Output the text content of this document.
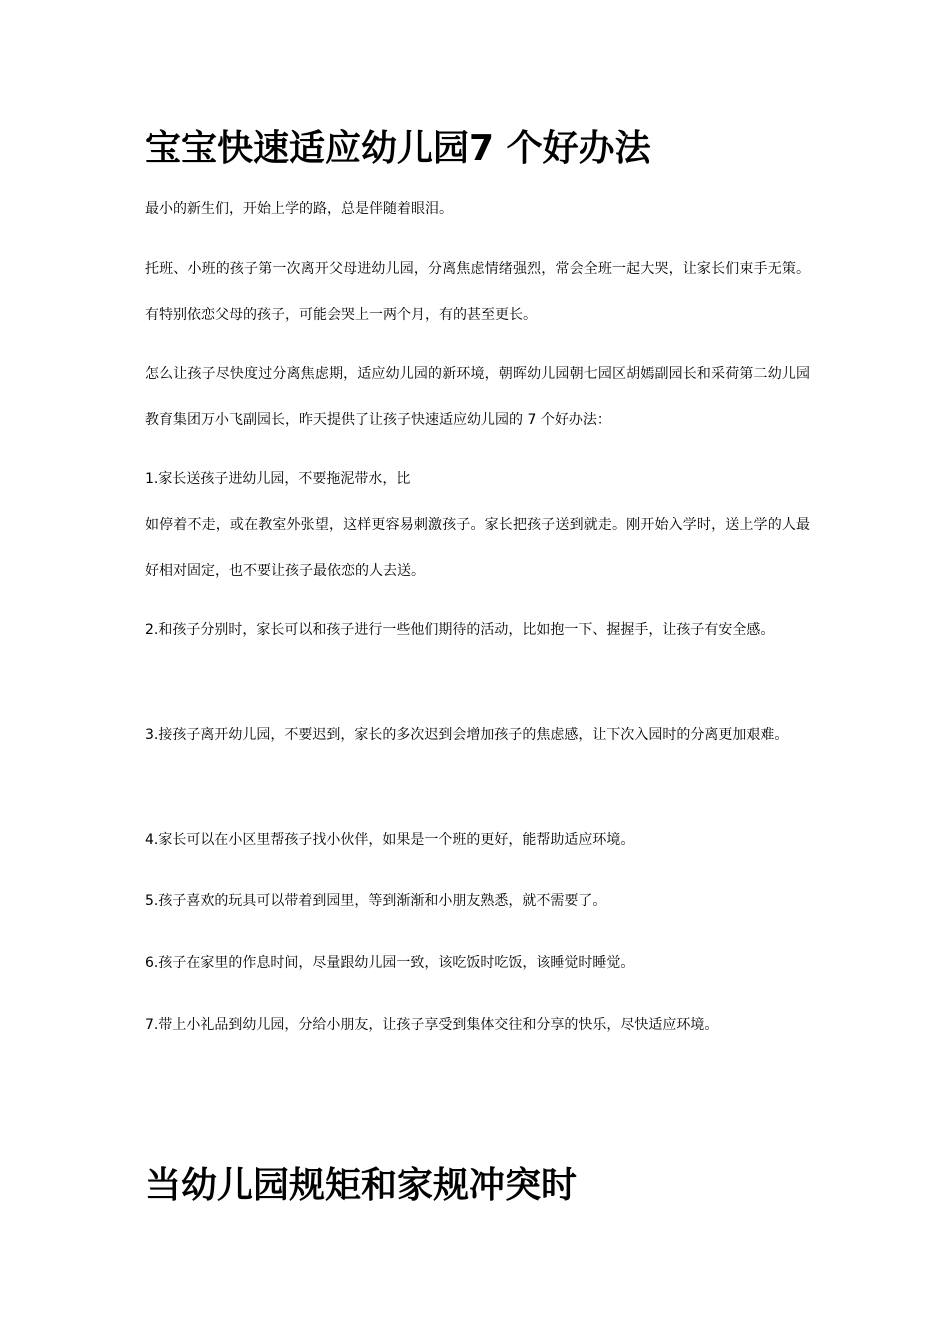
宝宝快速适应幼儿园7 个好办法

最小的新生们，开始上学的路，总是伴随着眼泪。

托班、小班的孩子第一次离开父母进幼儿园，分离焦虑情绪强烈，常会全班一起大哭，让家长们束手无策。有特别依恋父母的孩子，可能会哭上一两个月，有的甚至更长。

怎么让孩子尽快度过分离焦虑期，适应幼儿园的新环境，朝晖幼儿园朝七园区胡嫣副园长和采荷第二幼儿园教育集团万小飞副园长，昨天提供了让孩子快速适应幼儿园的 7 个好办法：

1.家长送孩子进幼儿园，不要拖泥带水，比

如停着不走，或在教室外张望，这样更容易刺激孩子。家长把孩子送到就走。刚开始入学时，送上学的人最好相对固定，也不要让孩子最依恋的人去送。

2.和孩子分别时，家长可以和孩子进行一些他们期待的活动，比如抱一下、握握手，让孩子有安全感。

3.接孩子离开幼儿园，不要迟到，家长的多次迟到会增加孩子的焦虑感，让下次入园时的分离更加艰难。

4.家长可以在小区里帮孩子找小伙伴，如果是一个班的更好，能帮助适应环境。

5.孩子喜欢的玩具可以带着到园里，等到渐渐和小朋友熟悉，就不需要了。

6.孩子在家里的作息时间，尽量跟幼儿园一致，该吃饭时吃饭，该睡觉时睡觉。

7.带上小礼品到幼儿园，分给小朋友，让孩子享受到集体交往和分享的快乐，尽快适应环境。

当幼儿园规矩和家规冲突时
